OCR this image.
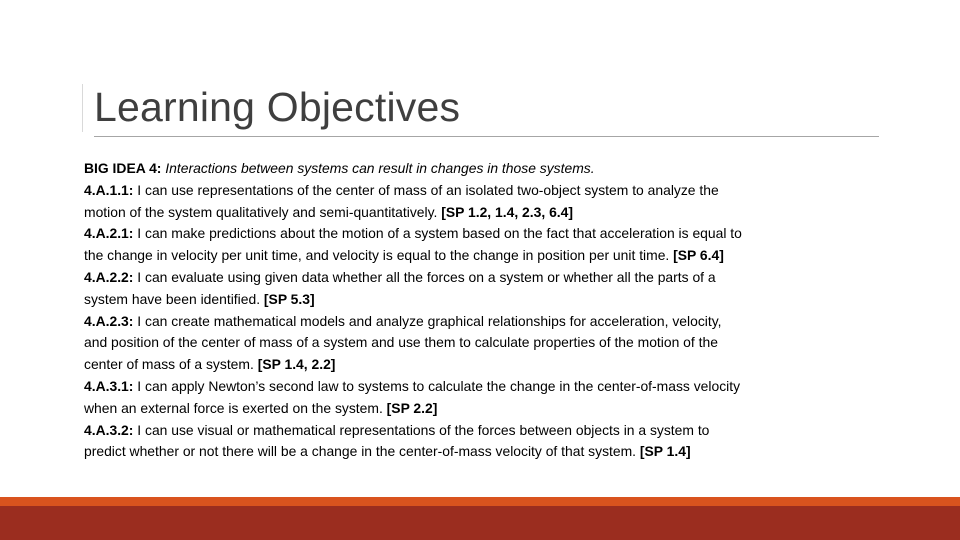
Learning Objectives
BIG IDEA 4: Interactions between systems can result in changes in those systems.
4.A.1.1: I can use representations of the center of mass of an isolated two-object system to analyze the
motion of the system qualitatively and semi-quantitatively. [SP 1.2, 1.4, 2.3, 6.4]
4.A.2.1: I can make predictions about the motion of a system based on the fact that acceleration is equal to
the change in velocity per unit time, and velocity is equal to the change in position per unit time. [SP 6.4]
4.A.2.2: I can evaluate using given data whether all the forces on a system or whether all the parts of a
system have been identified. [SP 5.3]
4.A.2.3: I can create mathematical models and analyze graphical relationships for acceleration, velocity,
and position of the center of mass of a system and use them to calculate properties of the motion of the
center of mass of a system. [SP 1.4, 2.2]
4.A.3.1: I can apply Newton’s second law to systems to calculate the change in the center-of-mass velocity
when an external force is exerted on the system. [SP 2.2]
4.A.3.2: I can use visual or mathematical representations of the forces between objects in a system to
predict whether or not there will be a change in the center-of-mass velocity of that system. [SP 1.4]
